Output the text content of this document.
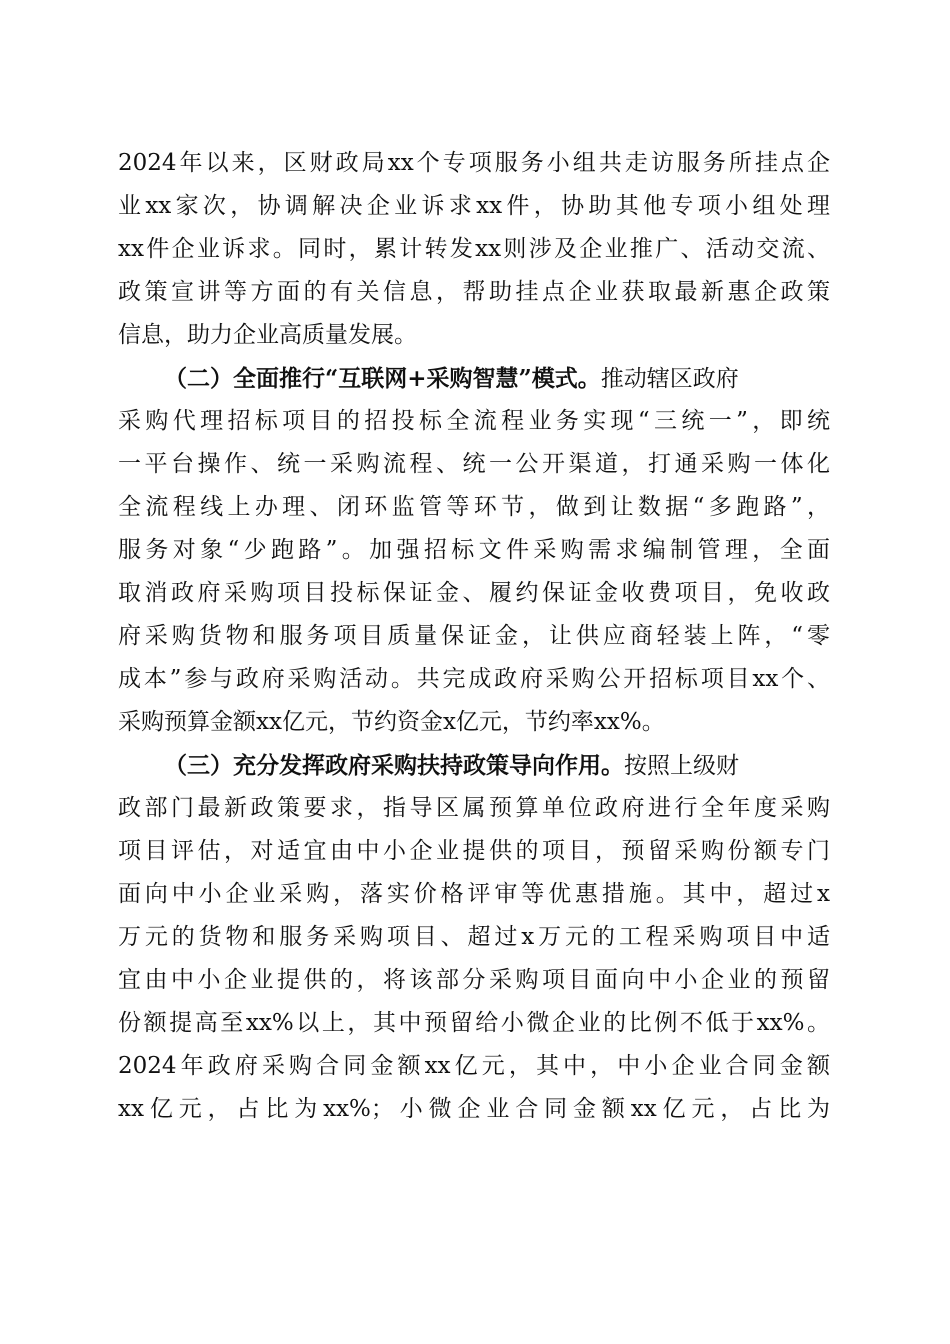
2024年以来，区财政局xx个专项服务小组共走访服务所挂点企
业xx家次，协调解决企业诉求xx件，协助其他专项小组处理
xx件企业诉求。同时，累计转发xx则涉及企业推广、活动交流、
政策宣讲等方面的有关信息，帮助挂点企业获取最新惠企政策
信息，助力企业高质量发展。
（二）全面推行“互联网+采购智慧”模式。推动辖区政府
采购代理招标项目的招投标全流程业务实现“三统一”，即统
一平台操作、统一采购流程、统一公开渠道，打通采购一体化
全流程线上办理、闭环监管等环节，做到让数据“多跑路”，
服务对象“少跑路”。加强招标文件采购需求编制管理，全面
取消政府采购项目投标保证金、履约保证金收费项目，免收政
府采购货物和服务项目质量保证金，让供应商轻装上阵，“零
成本”参与政府采购活动。共完成政府采购公开招标项目xx个、
采购预算金额xx亿元，节约资金x亿元，节约率xx%。
（三）充分发挥政府采购扶持政策导向作用。按照上级财
政部门最新政策要求，指导区属预算单位政府进行全年度采购
项目评估，对适宜由中小企业提供的项目，预留采购份额专门
面向中小企业采购，落实价格评审等优惠措施。其中，超过x
万元的货物和服务采购项目、超过x万元的工程采购项目中适
宜由中小企业提供的，将该部分采购项目面向中小企业的预留
份额提高至xx%以上，其中预留给小微企业的比例不低于xx%。
2024年政府采购合同金额xx亿元，其中，中小企业合同金额
xx亿元，占比为xx%；小微企业合同金额xx亿元，占比为
